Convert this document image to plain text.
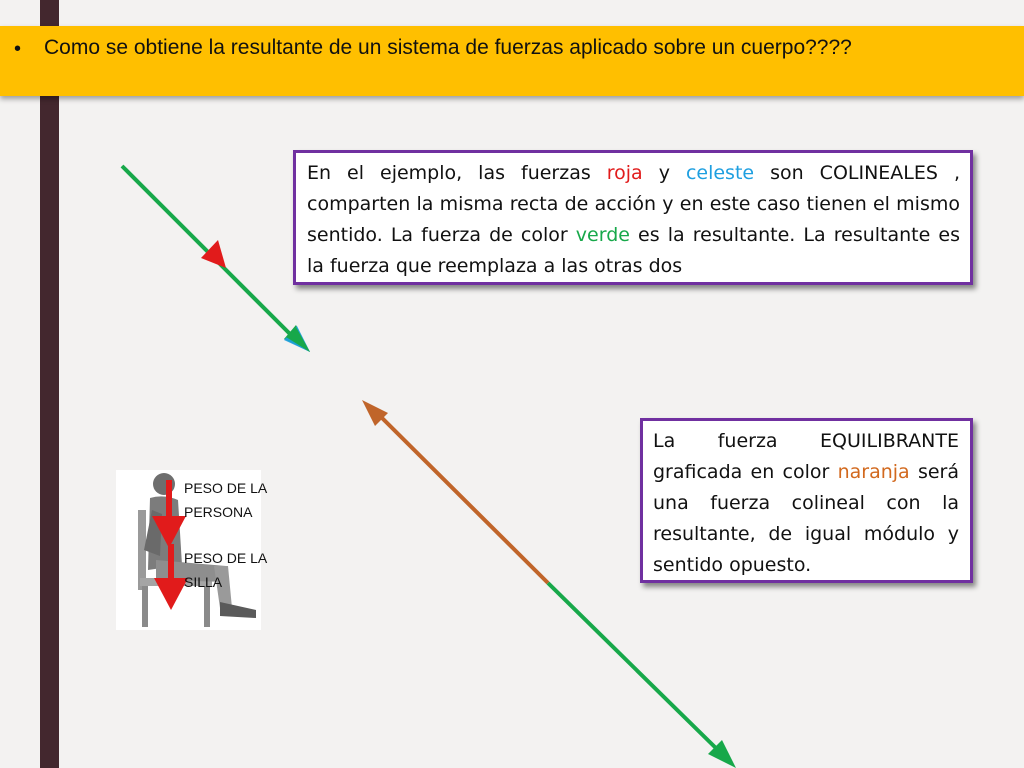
• Como se obtiene la resultante de un sistema de fuerzas aplicado sobre un cuerpo????
En el ejemplo, las fuerzas roja y celeste son COLINEALES , comparten la misma recta de acción y en este caso tienen el mismo sentido. La fuerza de color verde es la resultante. La resultante es la fuerza que reemplaza a las otras dos
La fuerza EQUILIBRANTE graficada en color naranja será una fuerza colineal con la resultante, de igual módulo y sentido opuesto.
PESO DE LA PERSONA
PESO DE LA SILLA
